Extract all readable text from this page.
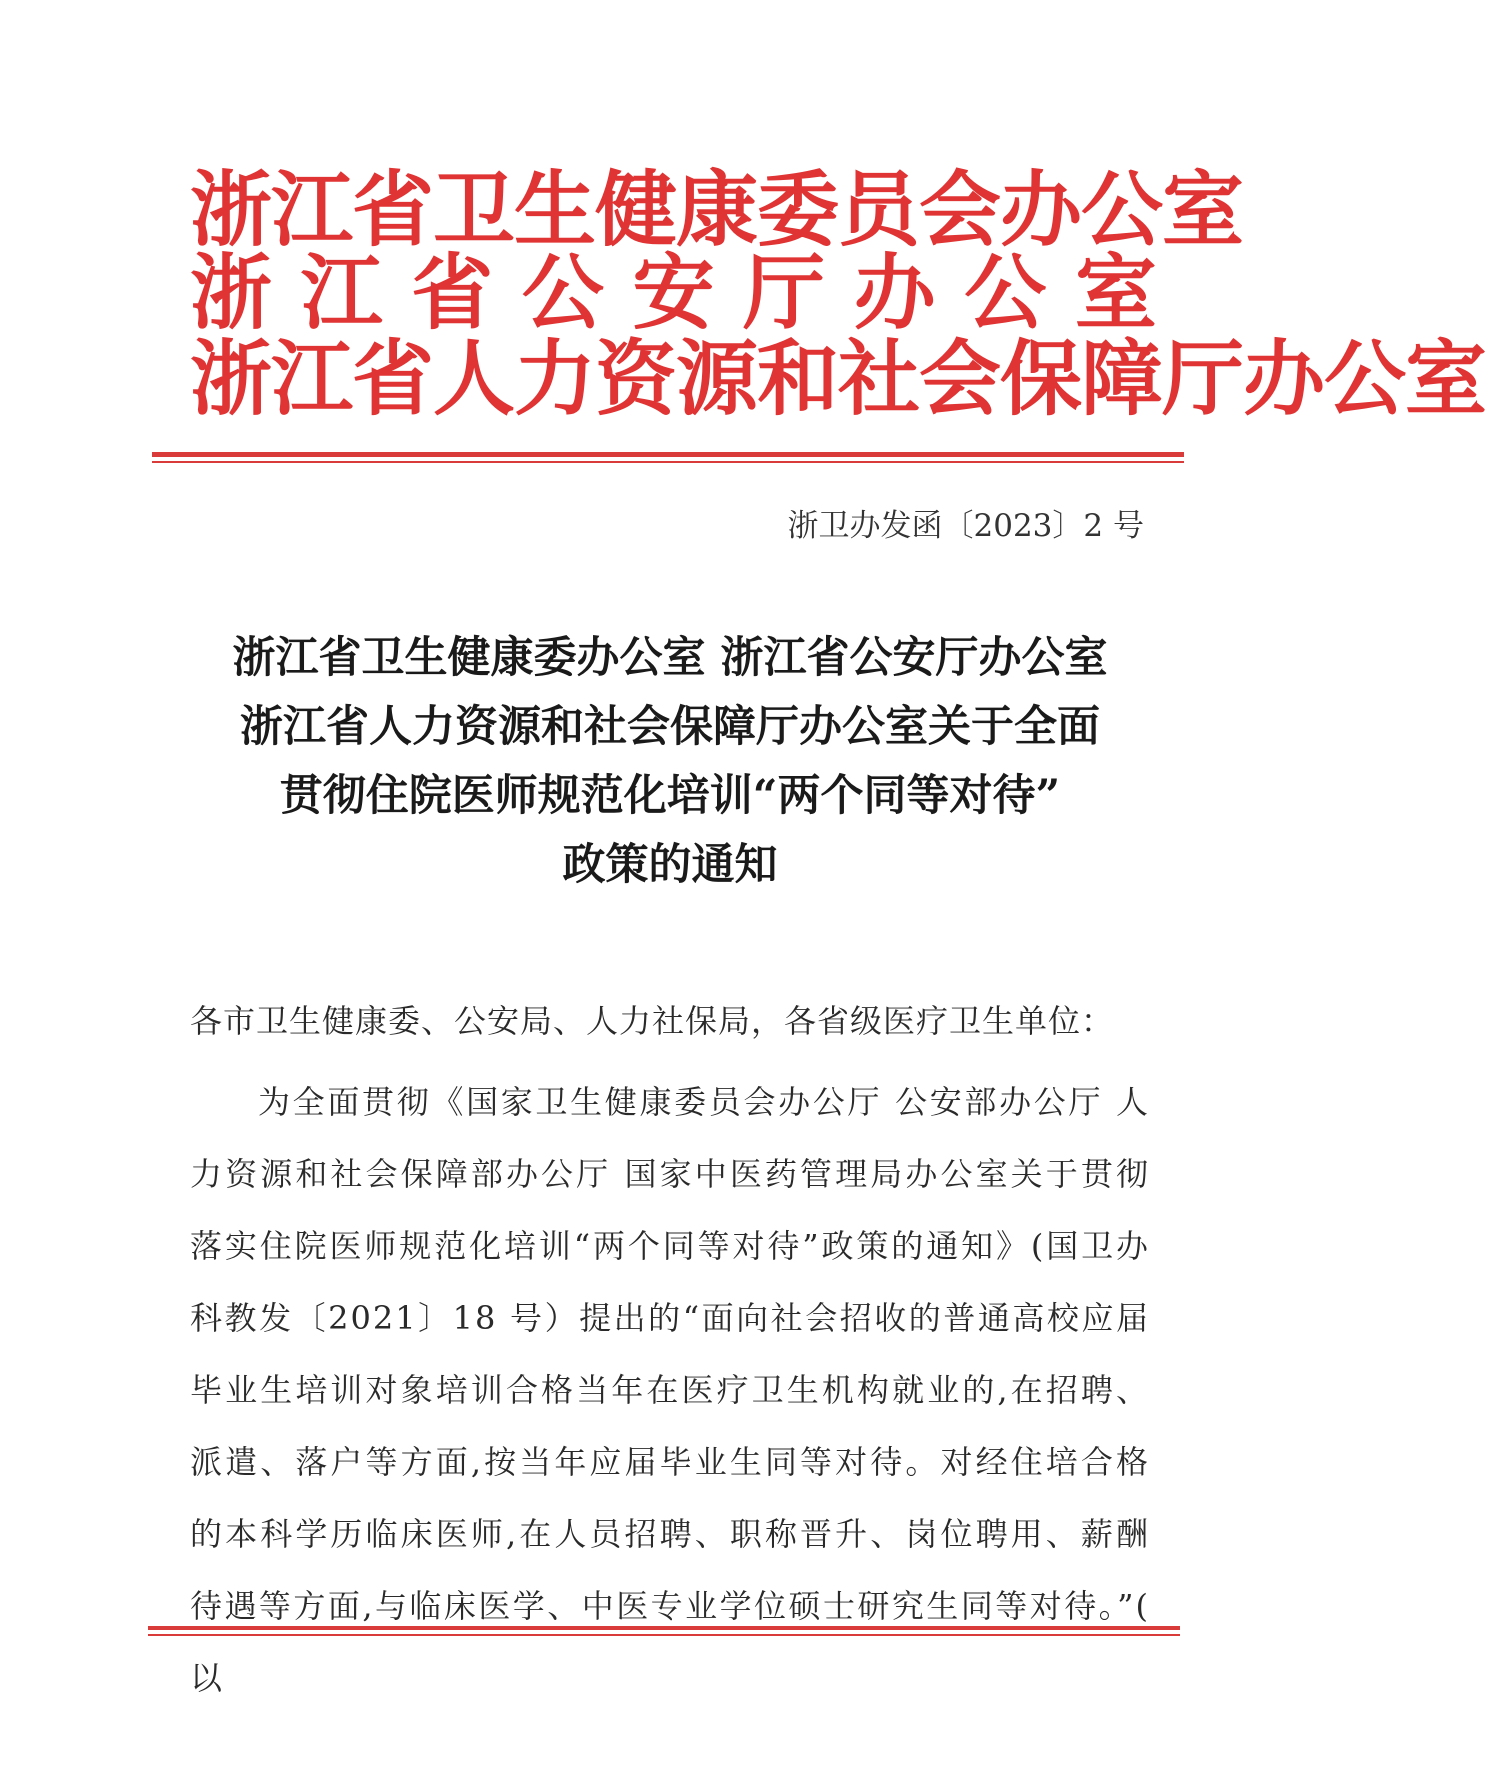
浙江省卫生健康委员会办公室
浙 江 省 公 安 厅 办 公 室
浙江省人力资源和社会保障厅办公室
浙卫办发函〔2023〕2 号
浙江省卫生健康委办公室 浙江省公安厅办公室
浙江省人力资源和社会保障厅办公室关于全面
贯彻住院医师规范化培训“两个同等对待”
政策的通知
各市卫生健康委、公安局、人力社保局，各省级医疗卫生单位：
为全面贯彻《国家卫生健康委员会办公厅 公安部办公厅 人力资源和社会保障部办公厅 国家中医药管理局办公室关于贯彻落实住院医师规范化培训“两个同等对待”政策的通知》(国卫办科教发〔2021〕18 号）提出的“面向社会招收的普通高校应届毕业生培训对象培训合格当年在医疗卫生机构就业的,在招聘、派遣、落户等方面,按当年应届毕业生同等对待。对经住培合格的本科学历临床医师,在人员招聘、职称晋升、岗位聘用、薪酬待遇等方面,与临床医学、中医专业学位硕士研究生同等对待。”( 以
